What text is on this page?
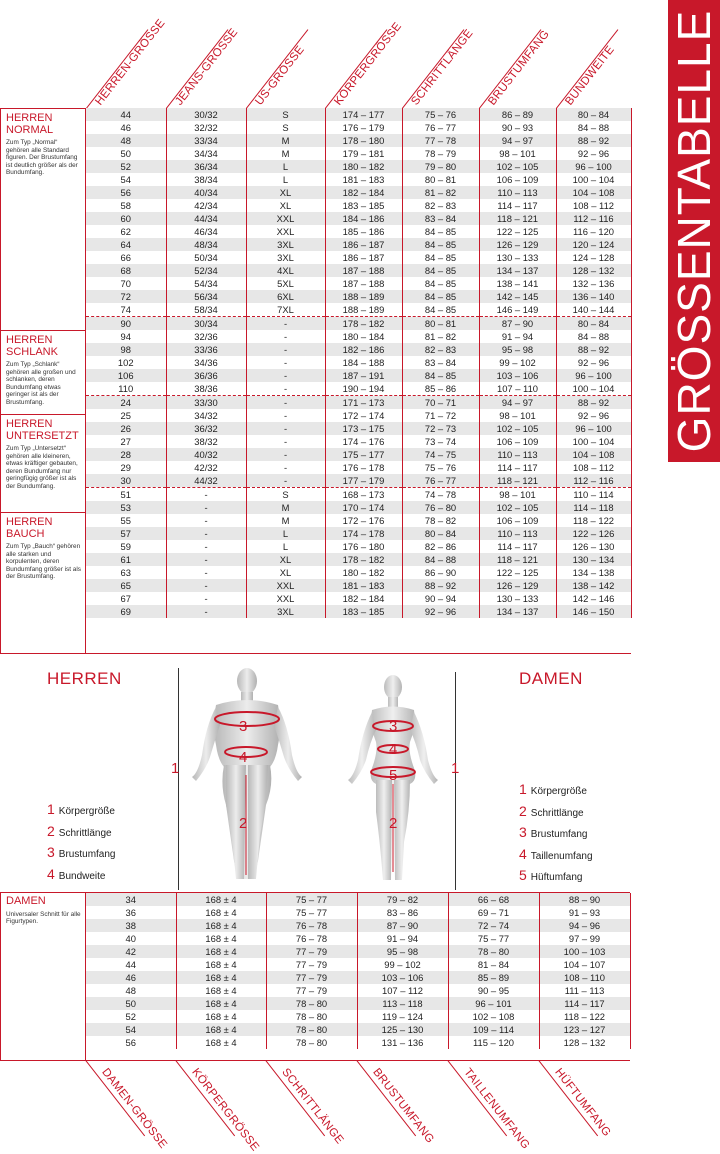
GRÖSSENTABELLE
HERREN-GRÖSSE JEANS-GRÖSSE US-GRÖSSE KÖRPERGRÖSSE SCHRITTLÄNGE BRUSTUMFANG BUNDWEITE
HERREN
NORMAL
Zum Typ „Normal“ gehören alle Standard figuren. Der Brustumfang ist deutlich größer als der Bundumfang.
HERREN
SCHLANK
Zum Typ „Schlank“ gehören alle großen und schlanken, deren Bundumfang etwas geringer ist als der Brustumfang.
HERREN
UNTERSETZT
Zum Typ „Untersetzt“ gehören alle kleineren, etwas kräftiger gebauten, deren Bundumfang nur geringfügig größer ist als der Bundumfang.
HERREN
BAUCH
Zum Typ „Bauch“ gehören alle starken und korpulenten, deren Bundumfang größer ist als der Brustumfang.
44	30/32	S	174 – 177	75 – 76	86 – 89	80 – 84
46	32/32	S	176 – 179	76 – 77	90 – 93	84 – 88
48	33/34	M	178 – 180	77 – 78	94 – 97	88 – 92
50	34/34	M	179 – 181	78 – 79	98 – 101	92 – 96
52	36/34	L	180 – 182	79 – 80	102 – 105	96 – 100
54	38/34	L	181 – 183	80 – 81	106 – 109	100 – 104
56	40/34	XL	182 – 184	81 – 82	110 – 113	104 – 108
58	42/34	XL	183 – 185	82 – 83	114 – 117	108 – 112
60	44/34	XXL	184 – 186	83 – 84	118 – 121	112 – 116
62	46/34	XXL	185 – 186	84 – 85	122 – 125	116 – 120
64	48/34	3XL	186 – 187	84 – 85	126 – 129	120 – 124
66	50/34	3XL	186 – 187	84 – 85	130 – 133	124 – 128
68	52/34	4XL	187 – 188	84 – 85	134 – 137	128 – 132
70	54/34	5XL	187 – 188	84 – 85	138 – 141	132 – 136
72	56/34	6XL	188 – 189	84 – 85	142 – 145	136 – 140
74	58/34	7XL	188 – 189	84 – 85	146 – 149	140 – 144
90	30/34	-	178 – 182	80 – 81	87 – 90	80 – 84
94	32/36	-	180 – 184	81 – 82	91 – 94	84 – 88
98	33/36	-	182 – 186	82 – 83	95 – 98	88 – 92
102	34/36	-	184 – 188	83 – 84	99 – 102	92 – 96
106	36/36	-	187 – 191	84 – 85	103 – 106	96 – 100
110	38/36	-	190 – 194	85 – 86	107 – 110	100 – 104
24	33/30	-	171 – 173	70 – 71	94 – 97	88 – 92
25	34/32	-	172 – 174	71 – 72	98 – 101	92 – 96
26	36/32	-	173 – 175	72 – 73	102 – 105	96 – 100
27	38/32	-	174 – 176	73 – 74	106 – 109	100 – 104
28	40/32	-	175 – 177	74 – 75	110 – 113	104 – 108
29	42/32	-	176 – 178	75 – 76	114 – 117	108 – 112
30	44/32	-	177 – 179	76 – 77	118 – 121	112 – 116
51	-	S	168 – 173	74 – 78	98 – 101	110 – 114
53	-	M	170 – 174	76 – 80	102 – 105	114 – 118
55	-	M	172 – 176	78 – 82	106 – 109	118 – 122
57	-	L	174 – 178	80 – 84	110 – 113	122 – 126
59	-	L	176 – 180	82 – 86	114 – 117	126 – 130
61	-	XL	178 – 182	84 – 88	118 – 121	130 – 134
63	-	XL	180 – 182	86 – 90	122 – 125	134 – 138
65	-	XXL	181 – 183	88 – 92	126 – 129	138 – 142
67	-	XXL	182 – 184	90 – 94	130 – 133	142 – 146
69	-	3XL	183 – 185	92 – 96	134 – 137	146 – 150
HERREN	DAMEN
1	1
3
4
2
3
4
5
2
1 Körpergröße
2 Schrittlänge
3 Brustumfang
4 Bundweite
1 Körpergröße
2 Schrittlänge
3 Brustumfang
4 Taillenumfang
5 Hüftumfang
DAMEN
Universaler Schnitt für alle Figurtypen.
34	168 ± 4	75 – 77	79 – 82	66 – 68	88 – 90
36	168 ± 4	75 – 77	83 – 86	69 – 71	91 – 93
38	168 ± 4	76 – 78	87 – 90	72 – 74	94 – 96
40	168 ± 4	76 – 78	91 – 94	75 – 77	97 – 99
42	168 ± 4	77 – 79	95 – 98	78 – 80	100 – 103
44	168 ± 4	77 – 79	99 – 102	81 – 84	104 – 107
46	168 ± 4	77 – 79	103 – 106	85 – 89	108 – 110
48	168 ± 4	77 – 79	107 – 112	90 – 95	111 – 113
50	168 ± 4	78 – 80	113 – 118	96 – 101	114 – 117
52	168 ± 4	78 – 80	119 – 124	102 – 108	118 – 122
54	168 ± 4	78 – 80	125 – 130	109 – 114	123 – 127
56	168 ± 4	78 – 80	131 – 136	115 – 120	128 – 132
DAMEN-GRÖSSE KÖRPERGRÖSSE SCHRITTLÄNGE BRUSTUMFANG TAILLENUMFANG HÜFTUMFANG
